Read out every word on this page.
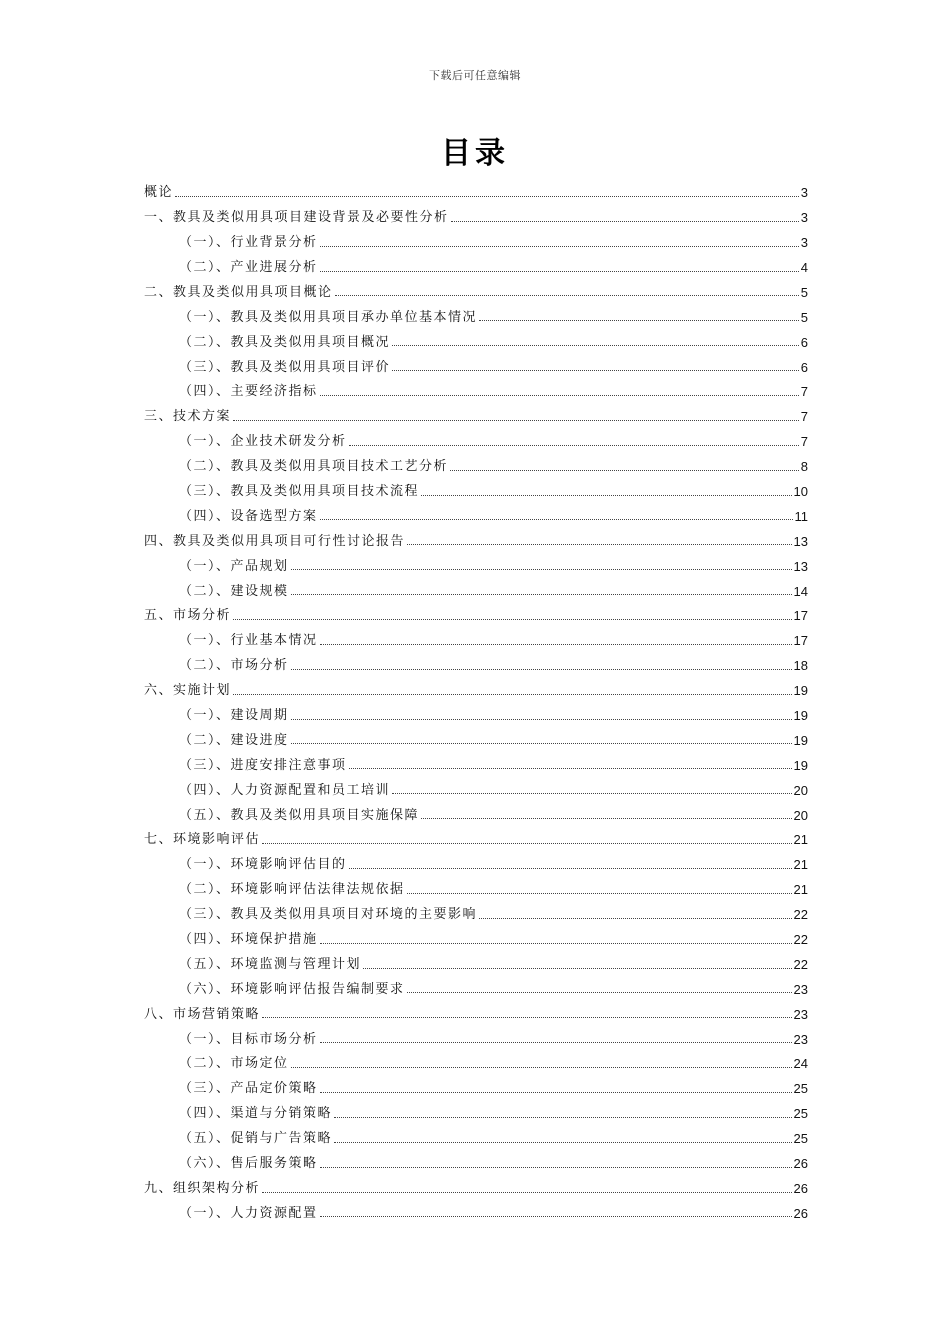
下载后可任意编辑
目录
概论	3
一、教具及类似用具项目建设背景及必要性分析	3
（一）、行业背景分析	3
（二）、产业进展分析	4
二、教具及类似用具项目概论	5
（一）、教具及类似用具项目承办单位基本情况	5
（二）、教具及类似用具项目概况	6
（三）、教具及类似用具项目评价	6
（四）、主要经济指标	7
三、技术方案	7
（一）、企业技术研发分析	7
（二）、教具及类似用具项目技术工艺分析	8
（三）、教具及类似用具项目技术流程	10
（四）、设备选型方案	11
四、教具及类似用具项目可行性讨论报告	13
（一）、产品规划	13
（二）、建设规模	14
五、市场分析	17
（一）、行业基本情况	17
（二）、市场分析	18
六、实施计划	19
（一）、建设周期	19
（二）、建设进度	19
（三）、进度安排注意事项	19
（四）、人力资源配置和员工培训	20
（五）、教具及类似用具项目实施保障	20
七、环境影响评估	21
（一）、环境影响评估目的	21
（二）、环境影响评估法律法规依据	21
（三）、教具及类似用具项目对环境的主要影响	22
（四）、环境保护措施	22
（五）、环境监测与管理计划	22
（六）、环境影响评估报告编制要求	23
八、市场营销策略	23
（一）、目标市场分析	23
（二）、市场定位	24
（三）、产品定价策略	25
（四）、渠道与分销策略	25
（五）、促销与广告策略	25
（六）、售后服务策略	26
九、组织架构分析	26
（一）、人力资源配置	26
